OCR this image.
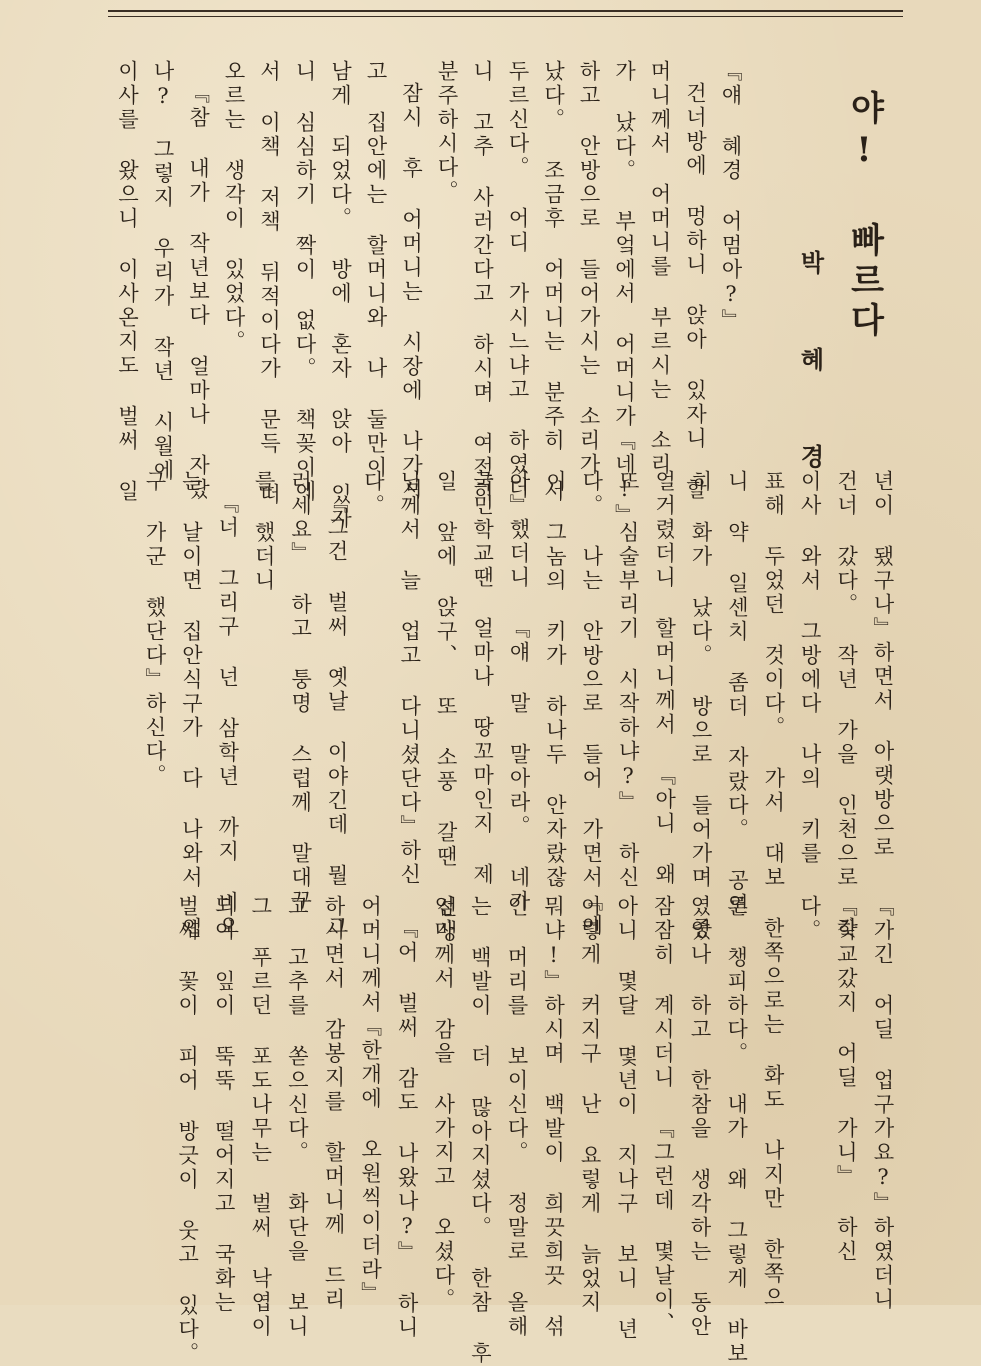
야! 빠르다
박 혜 경
『얘 혜경 어멈아?』
건너방에 멍하니 앉아 있자니 할
머니께서 어머니를 부르시는 소리
가 났다。 부엌에서 어머니가『네!』
하고 안방으로 들어가시는 소리가
났다。 조금후 어머니는 분주히 서
두르신다。 어디 가시느냐고 하였더
니 고추 사러간다고 하시며 여전히
분주하시다。
잠시 후 어머니는 시장에 나가시
고 집안에는 할머니와 나 둘만이
남게 되었다。 방에 혼자 앉아 있자
니 심심하기 짝이 없다。 책꽂이에
서 이책 저책 뒤적이다가 문득 떠
오르는 생각이 있었다。
『참 내가 작년보다 얼마나 자랐
나? 그렇지 우리가 작년 시월에
이사를 왔으니 이사온지도 벌써 일
년이 됐구나』하면서 아랫방으로
건너 갔다。 작년 가을 인천으로 갖
이사 와서 그방에다 나의 키를
표해 두었던 것이다。 가서 대보
니 약 일센치 좀더 자랐다。 공연
히 화가 났다。 방으로 들어가며 중
얼거렸더니 할머니께서 『아니 왜
또 심술부리기 시작하냐?』 하신
다。 나는 안방으로 들어 가면서『에
이 그놈의 키가 하나두 안자랐잖
아』했더니 『얘 말 말아라。 네가
국민학교땐 얼마나 땅꼬마인지 제
일 앞에 앉구、 또 소풍 갈땐 선생
님께서 늘 업고 다니셨단다』하신
다。
『그건 벌써 옛날 이야긴데 뭘 그
러세요』 하고 퉁명 스럽께 말대꾸
를 했더니
『너 그리구 넌 삼학년 까지 비오
는 날이면 집안식구가 다 나와서 업
구 가군 했단다』하신다。
『가긴 어딜 업구가요?』하였더니
『학교갔지 어딜 가니』 하신
다。
한쪽으로는 화도 나지만 한쪽으
론 챙피하다。 내가 왜 그렇게 바보
였었나 하고 한참을 생각하는 동안
잠잠히 계시더니 『그런데 몇날이、
아니 몇달 몇년이 지나구 보니 년
이렇게 커지구 난 요렇게 늙었지
뭐냐!』하시며 백발이 희끗희끗 섞
인 머리를 보이신다。 정말로 올해
는 백발이 더 많아지셨다。 한참 후
엄마께서 감을 사가지고 오셨다。
『어 벌써 감도 나왔나?』 하니
어머니께서『한개에 오원씩이더라』
하시면서 감봉지를 할머니께 드리
고 고추를 쏟으신다。 화단을 보니
그 푸르던 포도나무는 벌써 낙엽이
되어 잎이 뚝뚝 떨어지고 국화는
벌써 꽃이 피어 방긋이 웃고 있다。
